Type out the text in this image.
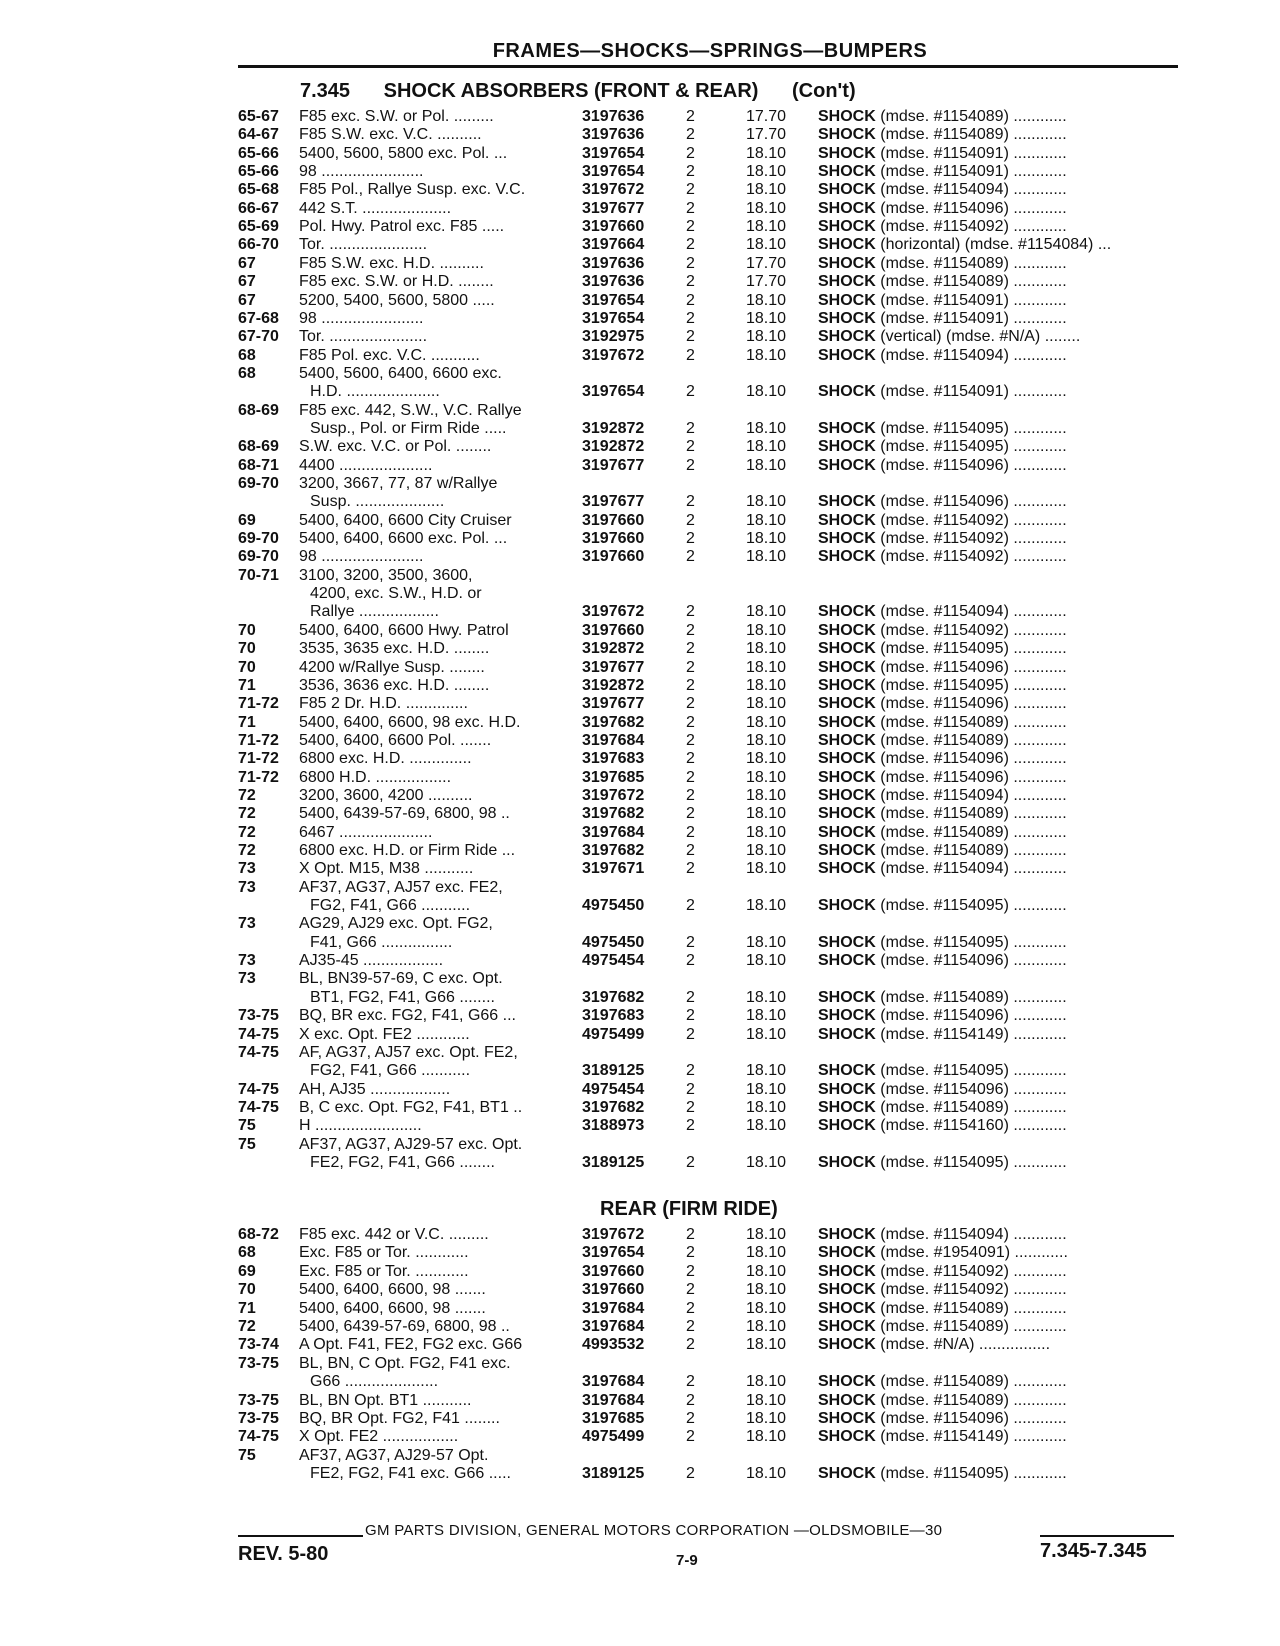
FRAMES—SHOCKS—SPRINGS—BUMPERS
7.345 SHOCK ABSORBERS (FRONT & REAR) (Con't)
65-67	F85 exc. S.W. or Pol. .........	3197636	2	17.70	SHOCK (mdse. #1154089) ............
64-67	F85 S.W. exc. V.C. ..........	3197636	2	17.70	SHOCK (mdse. #1154089) ............
65-66	5400, 5600, 5800 exc. Pol. ...	3197654	2	18.10	SHOCK (mdse. #1154091) ............
65-66	98 .......................	3197654	2	18.10	SHOCK (mdse. #1154091) ............
65-68	F85 Pol., Rallye Susp. exc. V.C.	3197672	2	18.10	SHOCK (mdse. #1154094) ............
66-67	442 S.T. ....................	3197677	2	18.10	SHOCK (mdse. #1154096) ............
65-69	Pol. Hwy. Patrol exc. F85 .....	3197660	2	18.10	SHOCK (mdse. #1154092) ............
66-70	Tor. ......................	3197664	2	18.10	SHOCK (horizontal) (mdse. #1154084) ...
67	F85 S.W. exc. H.D. ..........	3197636	2	17.70	SHOCK (mdse. #1154089) ............
67	F85 exc. S.W. or H.D. ........	3197636	2	17.70	SHOCK (mdse. #1154089) ............
67	5200, 5400, 5600, 5800 .....	3197654	2	18.10	SHOCK (mdse. #1154091) ............
67-68	98 .......................	3197654	2	18.10	SHOCK (mdse. #1154091) ............
67-70	Tor. ......................	3192975	2	18.10	SHOCK (vertical) (mdse. #N/A) ........
68	F85 Pol. exc. V.C. ...........	3197672	2	18.10	SHOCK (mdse. #1154094) ............
68	5400, 5600, 6400, 6600 exc.
H.D. .....................	3197654	2	18.10	SHOCK (mdse. #1154091) ............
68-69	F85 exc. 442, S.W., V.C. Rallye
Susp., Pol. or Firm Ride .....	3192872	2	18.10	SHOCK (mdse. #1154095) ............
68-69	S.W. exc. V.C. or Pol. ........	3192872	2	18.10	SHOCK (mdse. #1154095) ............
68-71	4400 .....................	3197677	2	18.10	SHOCK (mdse. #1154096) ............
69-70	3200, 3667, 77, 87 w/Rallye
Susp. ....................	3197677	2	18.10	SHOCK (mdse. #1154096) ............
69	5400, 6400, 6600 City Cruiser	3197660	2	18.10	SHOCK (mdse. #1154092) ............
69-70	5400, 6400, 6600 exc. Pol. ...	3197660	2	18.10	SHOCK (mdse. #1154092) ............
69-70	98 .......................	3197660	2	18.10	SHOCK (mdse. #1154092) ............
70-71	3100, 3200, 3500, 3600,
4200, exc. S.W., H.D. or
Rallye ..................	3197672	2	18.10	SHOCK (mdse. #1154094) ............
70	5400, 6400, 6600 Hwy. Patrol	3197660	2	18.10	SHOCK (mdse. #1154092) ............
70	3535, 3635 exc. H.D. ........	3192872	2	18.10	SHOCK (mdse. #1154095) ............
70	4200 w/Rallye Susp. ........	3197677	2	18.10	SHOCK (mdse. #1154096) ............
71	3536, 3636 exc. H.D. ........	3192872	2	18.10	SHOCK (mdse. #1154095) ............
71-72	F85 2 Dr. H.D. ..............	3197677	2	18.10	SHOCK (mdse. #1154096) ............
71	5400, 6400, 6600, 98 exc. H.D.	3197682	2	18.10	SHOCK (mdse. #1154089) ............
71-72	5400, 6400, 6600 Pol. .......	3197684	2	18.10	SHOCK (mdse. #1154089) ............
71-72	6800 exc. H.D. ..............	3197683	2	18.10	SHOCK (mdse. #1154096) ............
71-72	6800 H.D. .................	3197685	2	18.10	SHOCK (mdse. #1154096) ............
72	3200, 3600, 4200 ..........	3197672	2	18.10	SHOCK (mdse. #1154094) ............
72	5400, 6439-57-69, 6800, 98 ..	3197682	2	18.10	SHOCK (mdse. #1154089) ............
72	6467 .....................	3197684	2	18.10	SHOCK (mdse. #1154089) ............
72	6800 exc. H.D. or Firm Ride ...	3197682	2	18.10	SHOCK (mdse. #1154089) ............
73	X Opt. M15, M38 ...........	3197671	2	18.10	SHOCK (mdse. #1154094) ............
73	AF37, AG37, AJ57 exc. FE2,
FG2, F41, G66 ...........	4975450	2	18.10	SHOCK (mdse. #1154095) ............
73	AG29, AJ29 exc. Opt. FG2,
F41, G66 ................	4975450	2	18.10	SHOCK (mdse. #1154095) ............
73	AJ35-45 ..................	4975454	2	18.10	SHOCK (mdse. #1154096) ............
73	BL, BN39-57-69, C exc. Opt.
BT1, FG2, F41, G66 ........	3197682	2	18.10	SHOCK (mdse. #1154089) ............
73-75	BQ, BR exc. FG2, F41, G66 ...	3197683	2	18.10	SHOCK (mdse. #1154096) ............
74-75	X exc. Opt. FE2 ............	4975499	2	18.10	SHOCK (mdse. #1154149) ............
74-75	AF, AG37, AJ57 exc. Opt. FE2,
FG2, F41, G66 ...........	3189125	2	18.10	SHOCK (mdse. #1154095) ............
74-75	AH, AJ35 ..................	4975454	2	18.10	SHOCK (mdse. #1154096) ............
74-75	B, C exc. Opt. FG2, F41, BT1 ..	3197682	2	18.10	SHOCK (mdse. #1154089) ............
75	H ........................	3188973	2	18.10	SHOCK (mdse. #1154160) ............
75	AF37, AG37, AJ29-57 exc. Opt.
FE2, FG2, F41, G66 ........	3189125	2	18.10	SHOCK (mdse. #1154095) ............
REAR (FIRM RIDE)
68-72	F85 exc. 442 or V.C. .........	3197672	2	18.10	SHOCK (mdse. #1154094) ............
68	Exc. F85 or Tor. ............	3197654	2	18.10	SHOCK (mdse. #1954091) ............
69	Exc. F85 or Tor. ............	3197660	2	18.10	SHOCK (mdse. #1154092) ............
70	5400, 6400, 6600, 98 .......	3197660	2	18.10	SHOCK (mdse. #1154092) ............
71	5400, 6400, 6600, 98 .......	3197684	2	18.10	SHOCK (mdse. #1154089) ............
72	5400, 6439-57-69, 6800, 98 ..	3197684	2	18.10	SHOCK (mdse. #1154089) ............
73-74	A Opt. F41, FE2, FG2 exc. G66	4993532	2	18.10	SHOCK (mdse. #N/A) ................
73-75	BL, BN, C Opt. FG2, F41 exc.
G66 .....................	3197684	2	18.10	SHOCK (mdse. #1154089) ............
73-75	BL, BN Opt. BT1 ...........	3197684	2	18.10	SHOCK (mdse. #1154089) ............
73-75	BQ, BR Opt. FG2, F41 ........	3197685	2	18.10	SHOCK (mdse. #1154096) ............
74-75	X Opt. FE2 .................	4975499	2	18.10	SHOCK (mdse. #1154149) ............
75	AF37, AG37, AJ29-57 Opt.
FE2, FG2, F41 exc. G66 .....	3189125	2	18.10	SHOCK (mdse. #1154095) ............
GM PARTS DIVISION, GENERAL MOTORS CORPORATION —OLDSMOBILE—30
REV. 5-80	7-9	7.345-7.345
